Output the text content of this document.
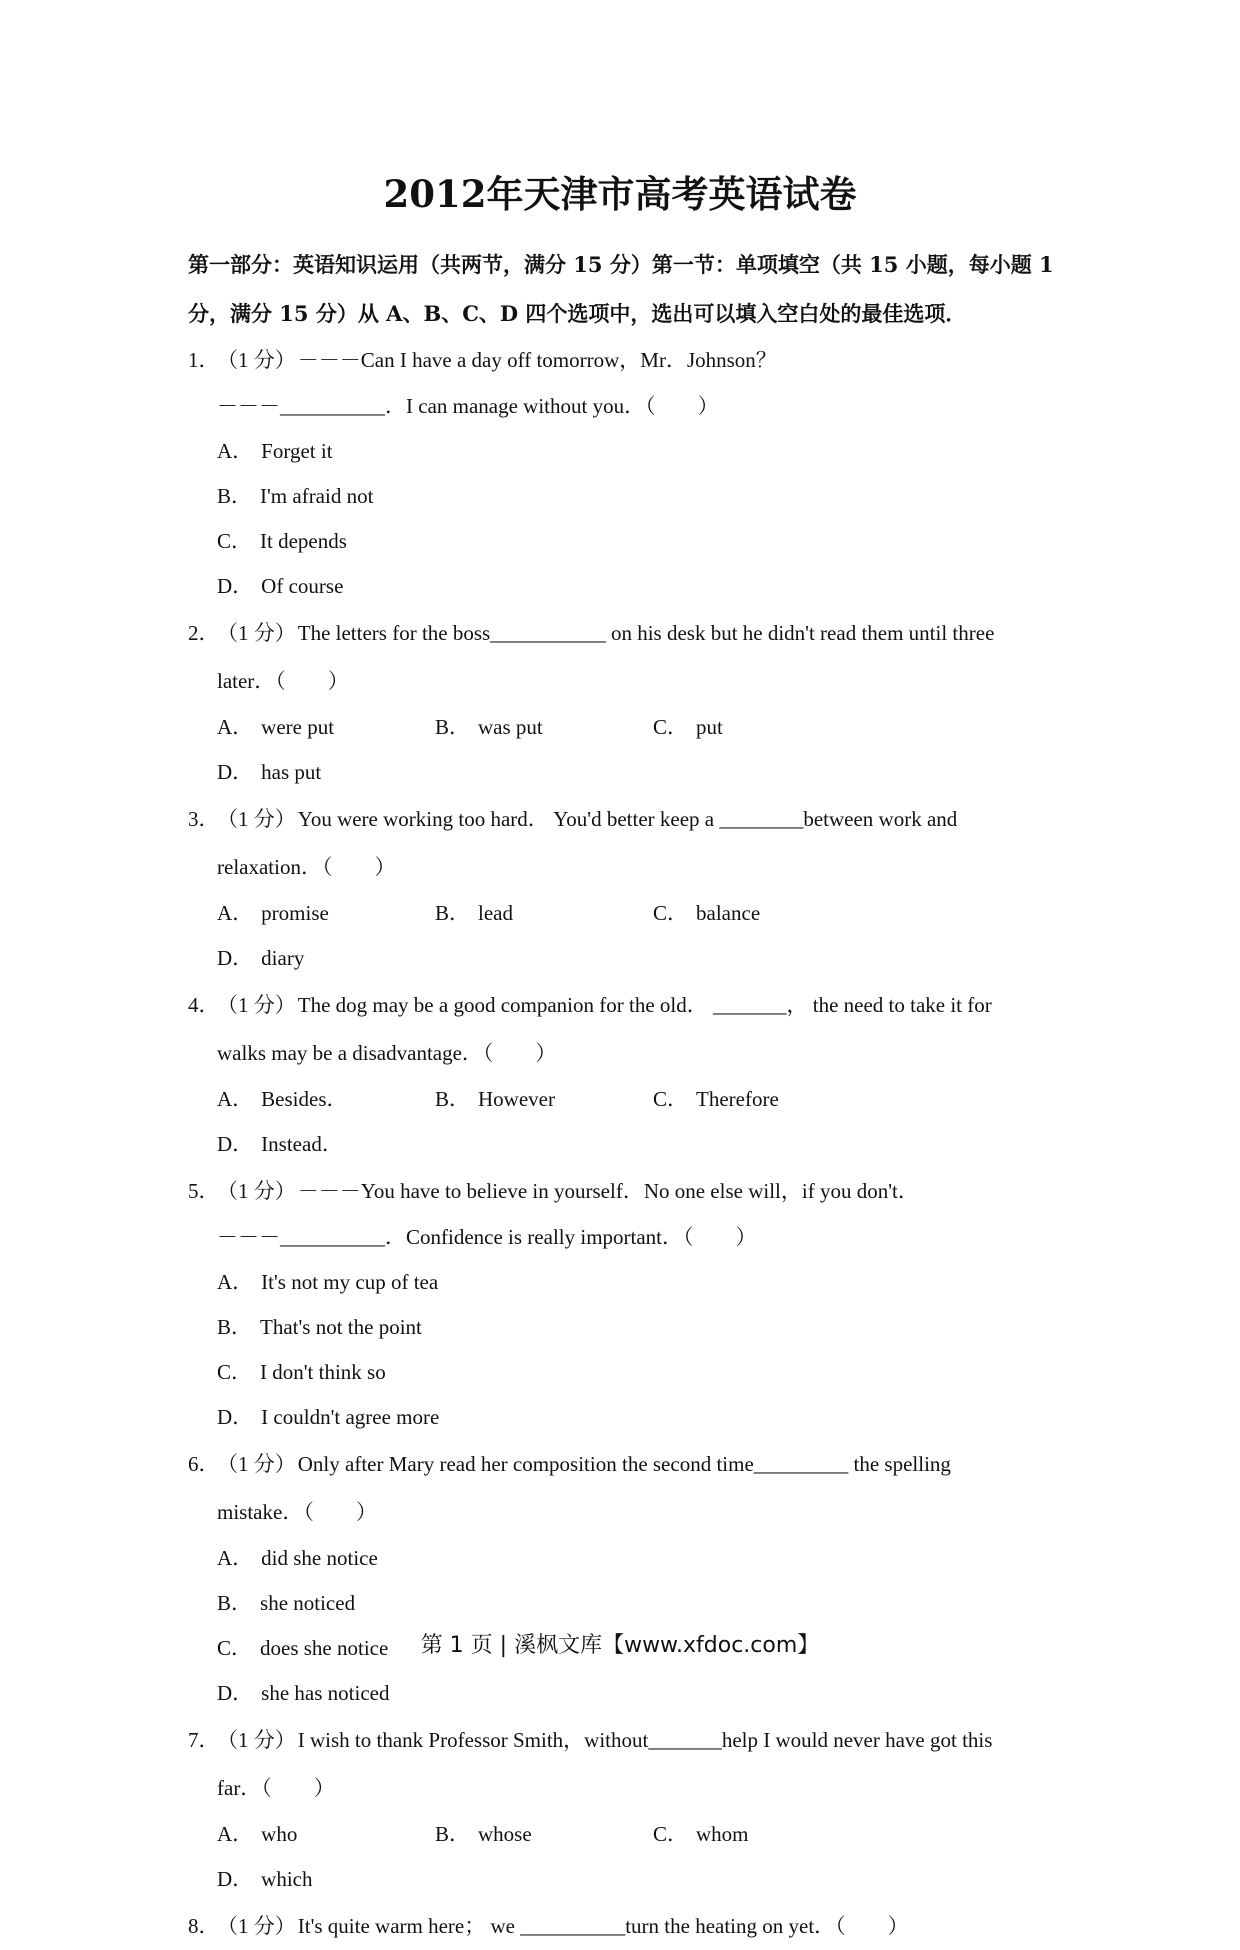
2012年天津市高考英语试卷
第一部分：英语知识运用（共两节，满分 15 分）第一节：单项填空（共 15 小题，每小题 1 分，满分 15 分）从 A、B、C、D 四个选项中，选出可以填入空白处的最佳选项．
1．
（1 分）－－－Can I have a day off tomorrow，Mr．Johnson？
－－－__________．I can manage without you．（　　）
A． Forget it
B． I'm afraid not
C． It depends
D． Of course
2．
（1 分）The letters for the boss___________ on his desk but he didn't read them until three
later．（　　）
A． were put	B． was put	C． put
D． has put
3．
（1 分）You were working too hard． You'd better keep a ________between work and
relaxation．（　　）
A． promise	B． lead	C． balance
D． diary
4．
（1 分）The dog may be a good companion for the old． _______， the need to take it for
walks may be a disadvantage．（　　）
A． Besides．	B． However	C． Therefore
D． Instead．
5．
（1 分）－－－You have to believe in yourself．No one else will，if you don't．
－－－__________．Confidence is really important．（　　）
A． It's not my cup of tea
B． That's not the point
C． I don't think so
D． I couldn't agree more
6．
（1 分）Only after Mary read her composition the second time_________ the spelling
mistake．（　　）
A． did she notice
B． she noticed
C． does she notice
D． she has noticed
7．
（1 分）I wish to thank Professor Smith，without_______help I would never have got this
far．（　　）
A． who	B． whose	C． whom
D． which
8．
（1 分）It's quite warm here； we __________turn the heating on yet．（　　）
第 1 页 | 溪枫文库【www.xfdoc.com】
